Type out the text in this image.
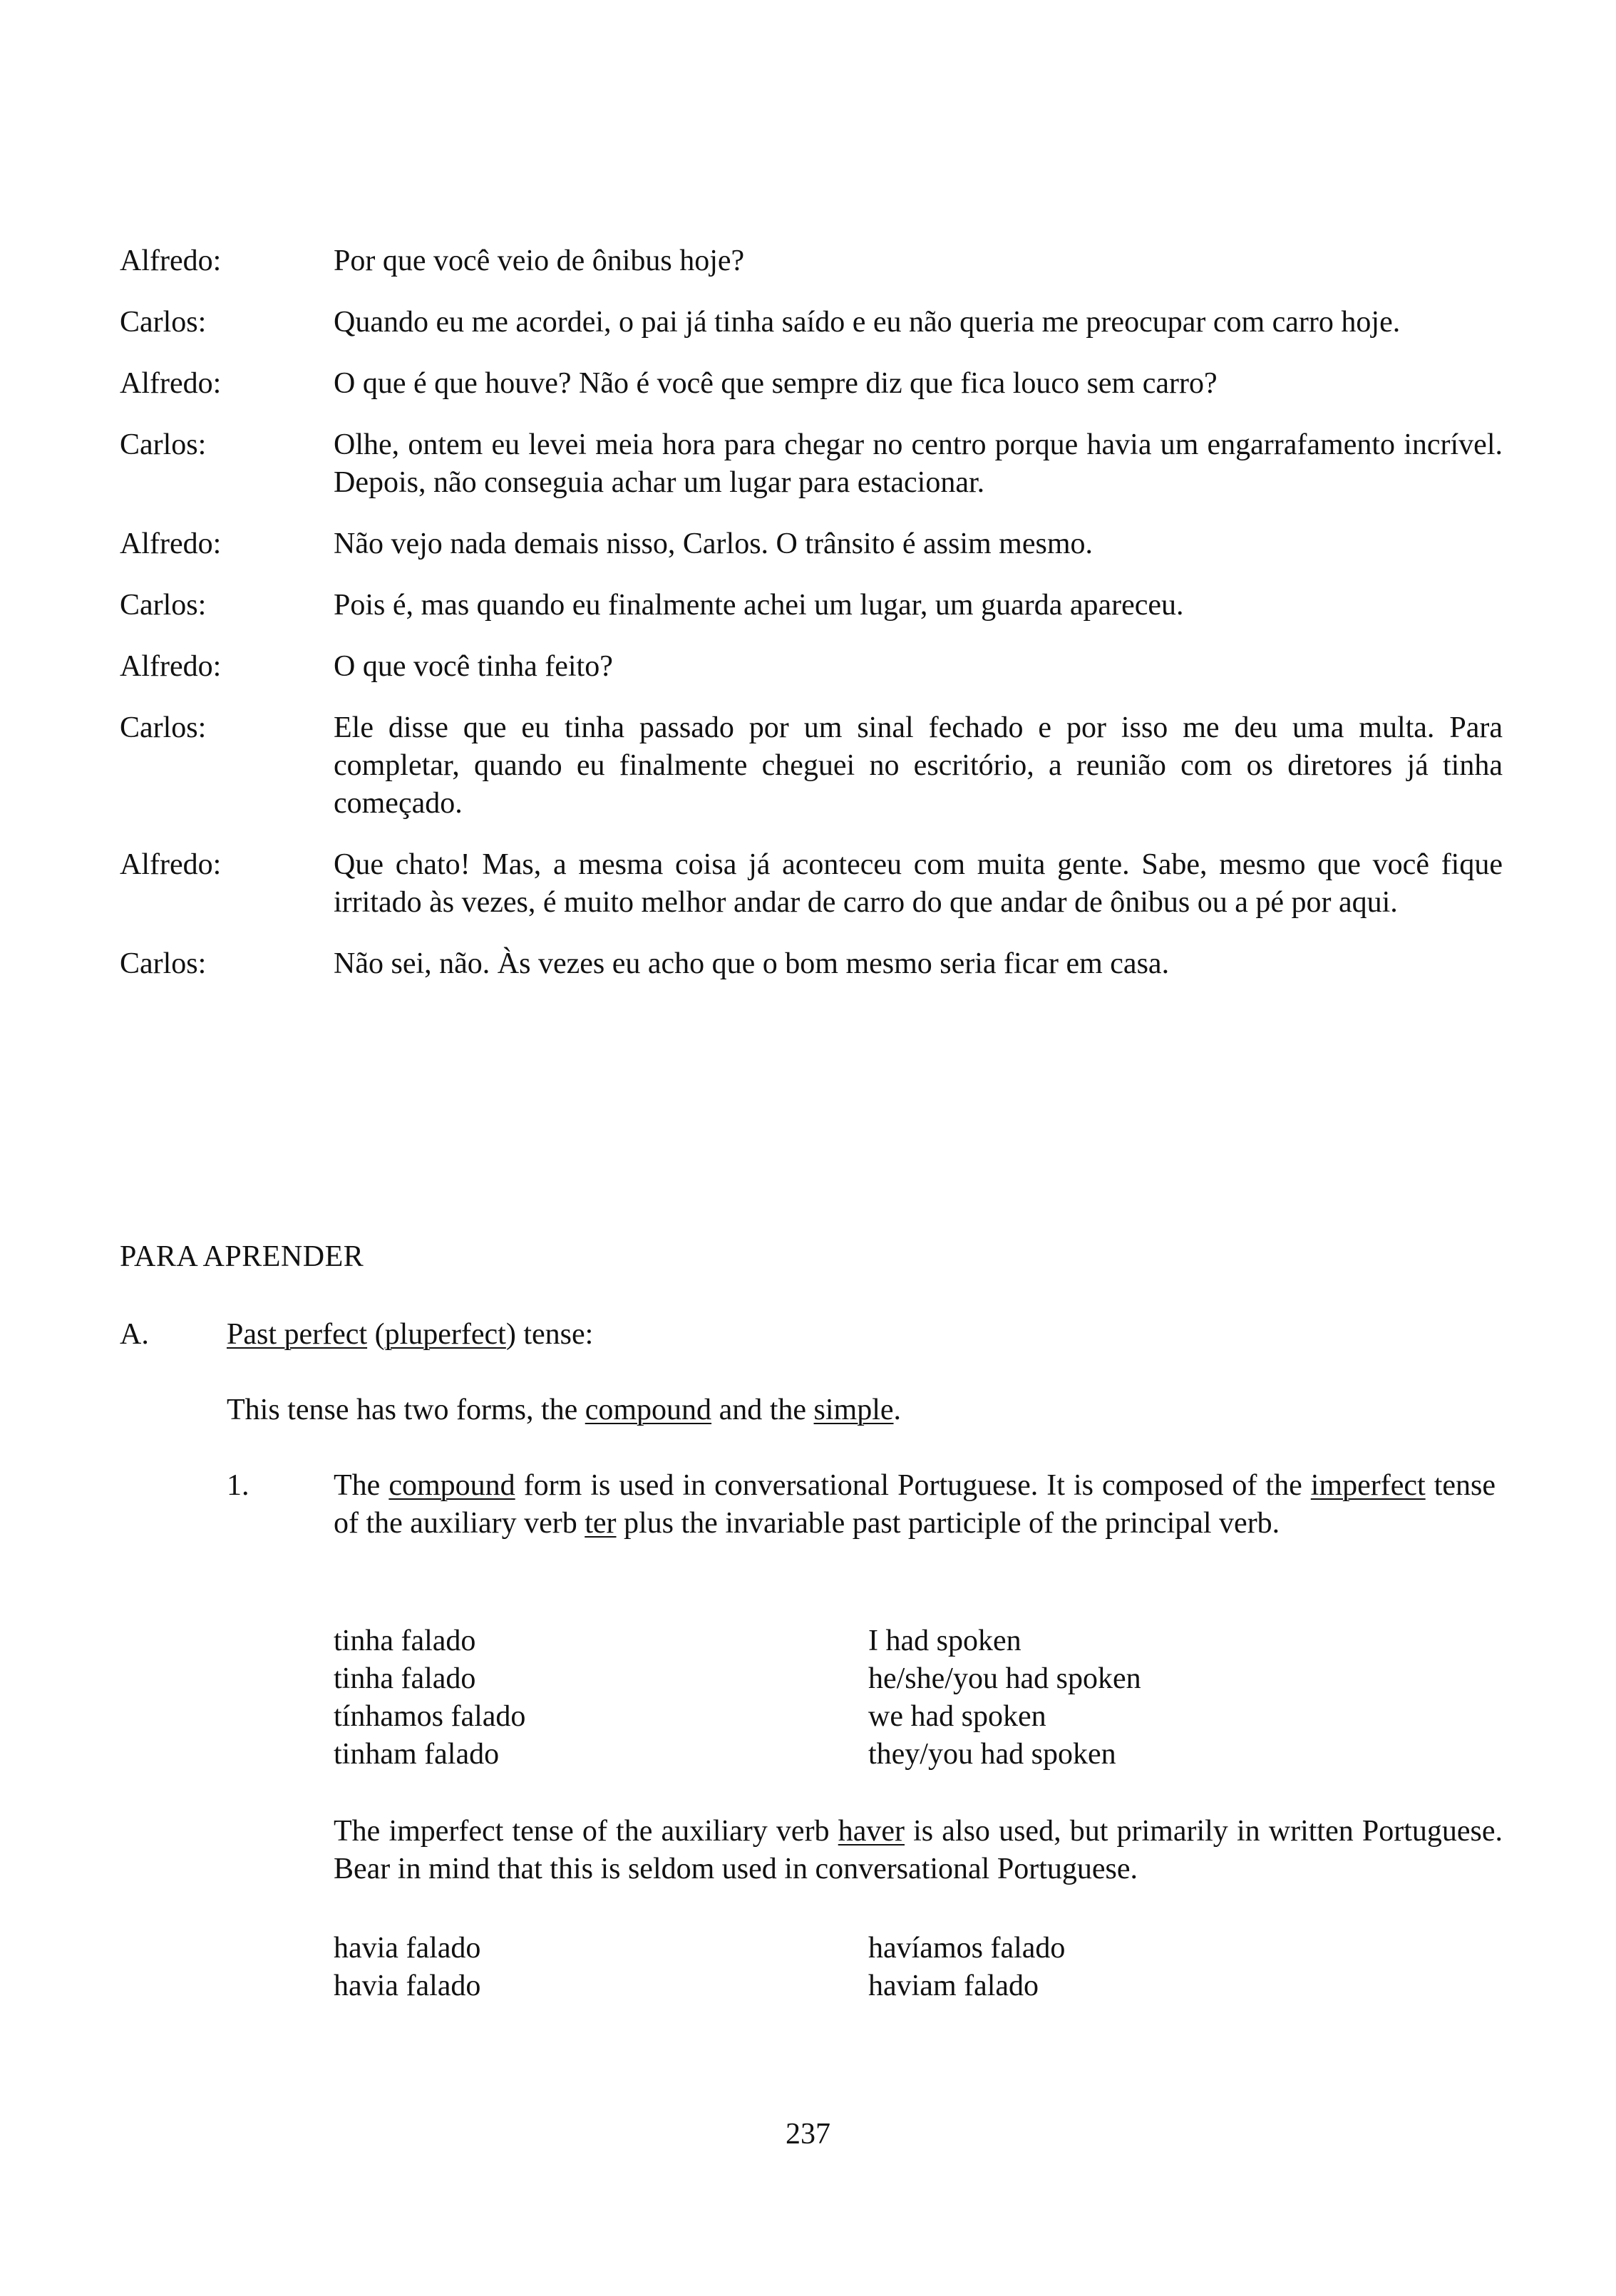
Alfredo:	Por que você veio de ônibus hoje?
Carlos:	Quando eu me acordei, o pai já tinha saído e eu não queria me preocupar com carro hoje.
Alfredo:	O que é que houve? Não é você que sempre diz que fica louco sem carro?
Carlos:	Olhe, ontem eu levei meia hora para chegar no centro porque havia um engarrafamento incrível. Depois, não conseguia achar um lugar para estacionar.
Alfredo:	Não vejo nada demais nisso, Carlos. O trânsito é assim mesmo.
Carlos:	Pois é, mas quando eu finalmente achei um lugar, um guarda apareceu.
Alfredo:	O que você tinha feito?
Carlos:	Ele disse que eu tinha passado por um sinal fechado e por isso me deu uma multa. Para completar, quando eu finalmente cheguei no escritório, a reunião com os diretores já tinha começado.
Alfredo:	Que chato! Mas, a mesma coisa já aconteceu com muita gente. Sabe, mesmo que você fique irritado às vezes, é muito melhor andar de carro do que andar de ônibus ou a pé por aqui.
Carlos:	Não sei, não. Às vezes eu acho que o bom mesmo seria ficar em casa.
PARA APRENDER
A.	Past perfect (pluperfect) tense:
This tense has two forms, the compound and the simple.
1.	The compound form is used in conversational Portuguese. It is composed of the imperfect tense of the auxiliary verb ter plus the invariable past participle of the principal verb.
tinha falado	I had spoken
tinha falado	he/she/you had spoken
tínhamos falado	we had spoken
tinham falado	they/you had spoken
The imperfect tense of the auxiliary verb haver is also used, but primarily in written Portuguese. Bear in mind that this is seldom used in conversational Portuguese.
havia falado	havíamos falado
havia falado	haviam falado
237
